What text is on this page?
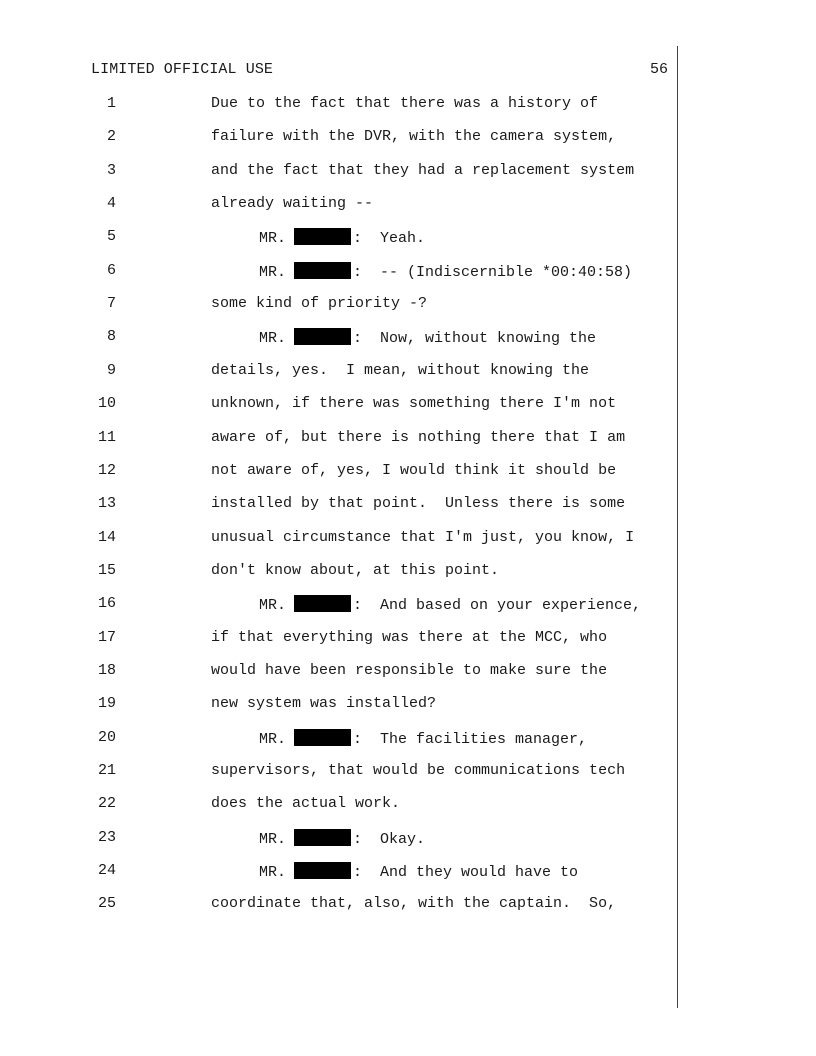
LIMITED OFFICIAL USE	56
1	Due to the fact that there was a history of
2	failure with the DVR, with the camera system,
3	and the fact that they had a replacement system
4	already waiting --
5	MR.	:  Yeah.
6	MR.	:  -- (Indiscernible *00:40:58)
7	some kind of priority -?
8	MR.	:  Now, without knowing the
9	details, yes.  I mean, without knowing the
10	unknown, if there was something there I'm not
11	aware of, but there is nothing there that I am
12	not aware of, yes, I would think it should be
13	installed by that point.  Unless there is some
14	unusual circumstance that I'm just, you know, I
15	don't know about, at this point.
16	MR.	:  And based on your experience,
17	if that everything was there at the MCC, who
18	would have been responsible to make sure the
19	new system was installed?
20	MR.	:  The facilities manager,
21	supervisors, that would be communications tech
22	does the actual work.
23	MR.	:  Okay.
24	MR.	:  And they would have to
25	coordinate that, also, with the captain.  So,
